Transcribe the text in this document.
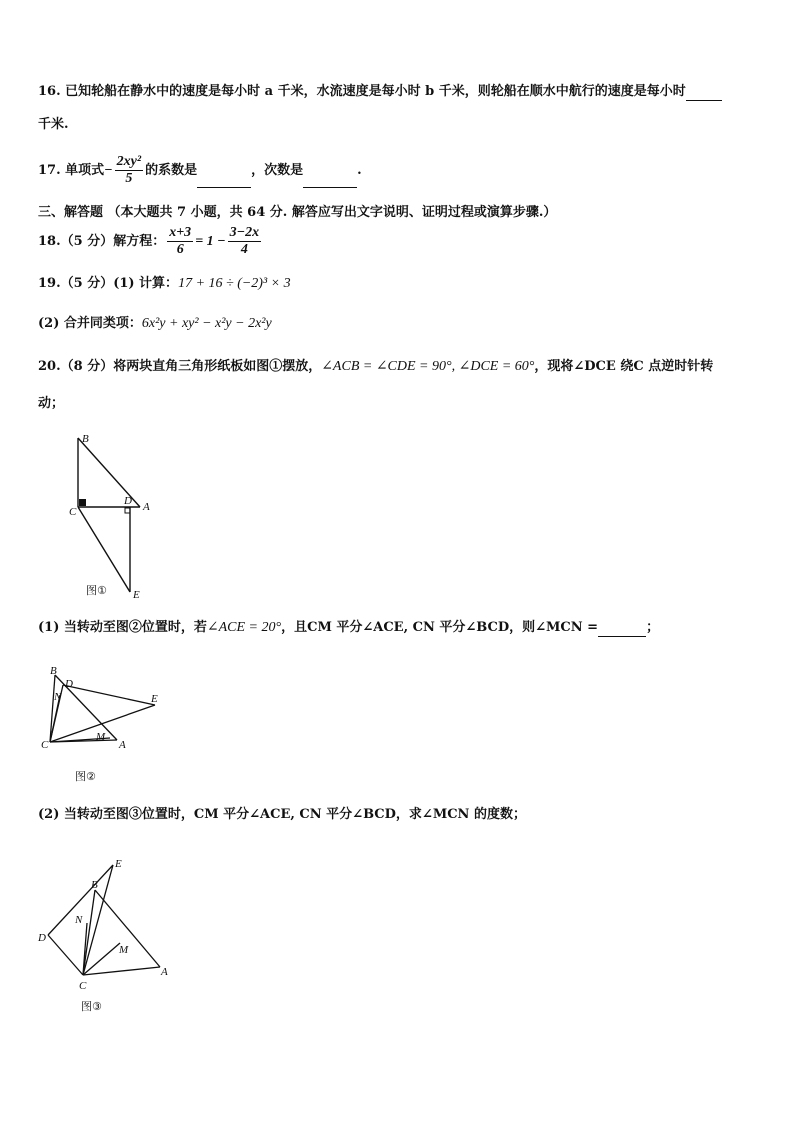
16. 已知轮船在静水中的速度是每小时 a 千米，水流速度是每小时 b 千米，则轮船在顺水中航行的速度是每小时
千米.
17. 单项式− $\frac{\text{2xy²}}{5}$ 的系数是	，次数是	.
三、解答题 （本大题共 7 小题，共 64 分. 解答应写出文字说明、证明过程或演算步骤.）
18.（5 分）解方程： $\frac{x+3}{6} = 1 - \frac{3-2x}{4}$
19.（5 分）(1) 计算：17 + 16 ÷ (−2)³ × 3
(2) 合并同类项：6x²y + xy² − x²y − 2x²y
20.（8 分）将两块直角三角形纸板如图①摆放，∠ACB = ∠CDE = 90°, ∠DCE = 60°，现将∠DCE 绕C 点逆时针转
动；
B
C
D A
E
图①
(1) 当转动至图②位置时，若∠ACE = 20°，且CM 平分∠ACE, CN 平分∠BCD，则∠MCN =	；
B
D
N	E
C
M
A
图②
(2) 当转动至图③位置时，CM 平分∠ACE, CN 平分∠BCD，求∠MCN 的度数；
E
B
N
D
M
C
A
图③
